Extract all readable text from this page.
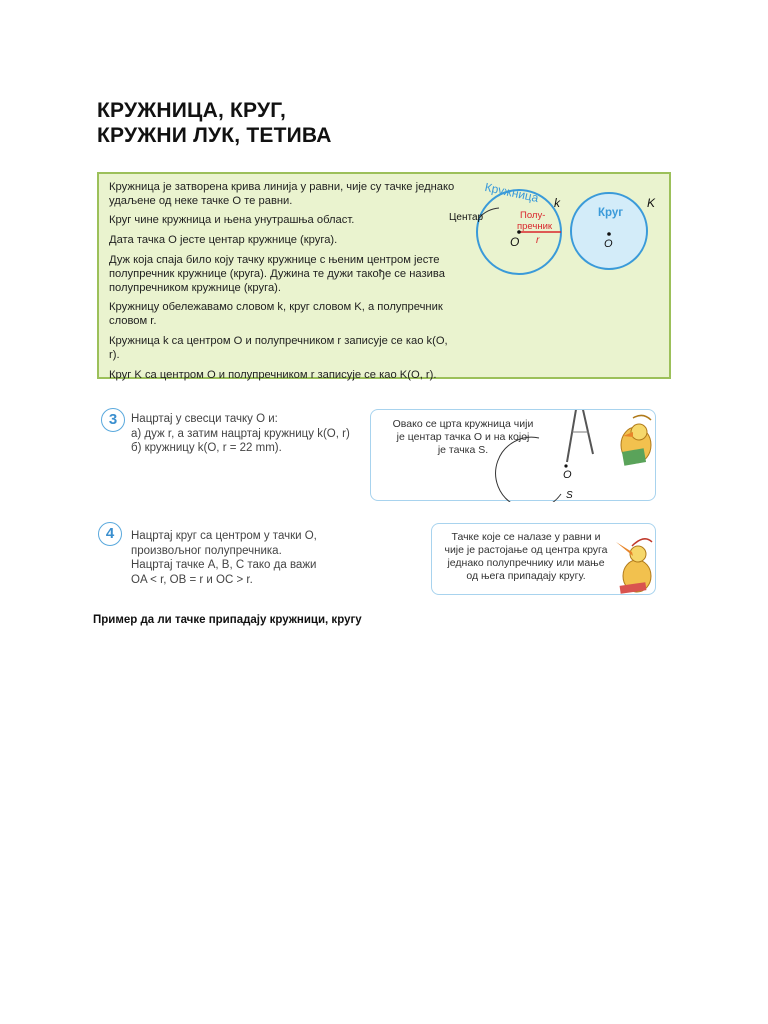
КРУЖНИЦА, КРУГ,
КРУЖНИ ЛУК, ТЕТИВА

Кружница је затворена крива линија у равни, чије су тачке једнако удаљене од неке тачке O те равни.

Круг чине кружница и њена унутрашња област.

Дата тачка O јесте центар кружнице (круга).

Дуж која спаја било коју тачку кружнице с њеним центром јесте полупречник кружнице (круга). Дужина те дужи такође се назива полупречником кружнице (круга).

Кружницу обележавамо словом k, круг словом K, а полупречник словом r.

Кружница k са центром O и полупречником r записује се као k(O, r).

Круг K са центром O и полупречником r записује се као K(O, r).

Кружница k
Центар	Полу-
пречник
r
O
Круг
K
O
3	Нацртај у свесци тачку O и:
а) дуж r, а затим нацртај кружницу k(O, r)
б) кружницу k(O, r = 22 mm).
Овако се црта кружница чији
је центар тачка O и на којој
је тачка S.
O
S
4	Нацртај круг са центром у тачки O,
произвољног полупречника.
Нацртај тачке A, B, C тако да важи
OA < r, OB = r и OC > r.
Тачке које се налазе у равни и
чије је растојање од центра круга
једнако полупречнику или мање
од њега припадају кругу.
Пример да ли тачке припадају кружници, кругу
